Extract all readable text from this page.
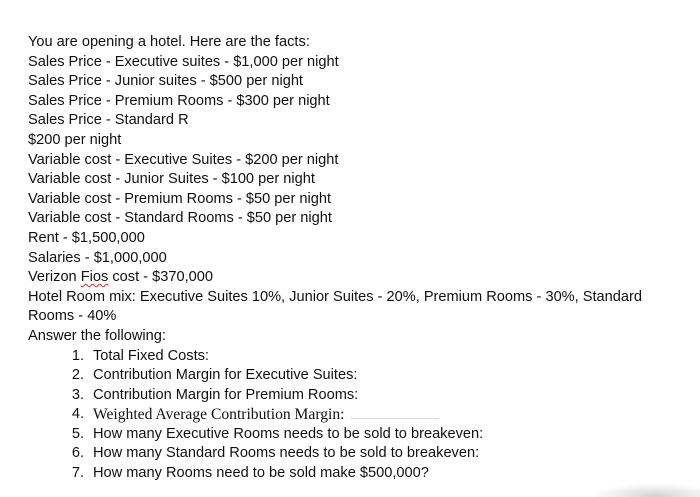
You are opening a hotel. Here are the facts:
Sales Price - Executive suites - $1,000 per night
Sales Price - Junior suites - $500 per night
Sales Price - Premium Rooms - $300 per night
Sales Price - Standard R
$200 per night
Variable cost - Executive Suites - $200 per night
Variable cost - Junior Suites - $100 per night
Variable cost - Premium Rooms - $50 per night
Variable cost - Standard Rooms - $50 per night
Rent - $1,500,000
Salaries - $1,000,000
Verizon Fios cost - $370,000
Hotel Room mix: Executive Suites 10%, Junior Suites - 20%, Premium Rooms - 30%, Standard Rooms - 40%
Answer the following:
1. Total Fixed Costs:
2. Contribution Margin for Executive Suites:
3. Contribution Margin for Premium Rooms:
4. Weighted Average Contribution Margin:
5. How many Executive Rooms needs to be sold to breakeven:
6. How many Standard Rooms needs to be sold to breakeven:
7. How many Rooms need to be sold make $500,000?
